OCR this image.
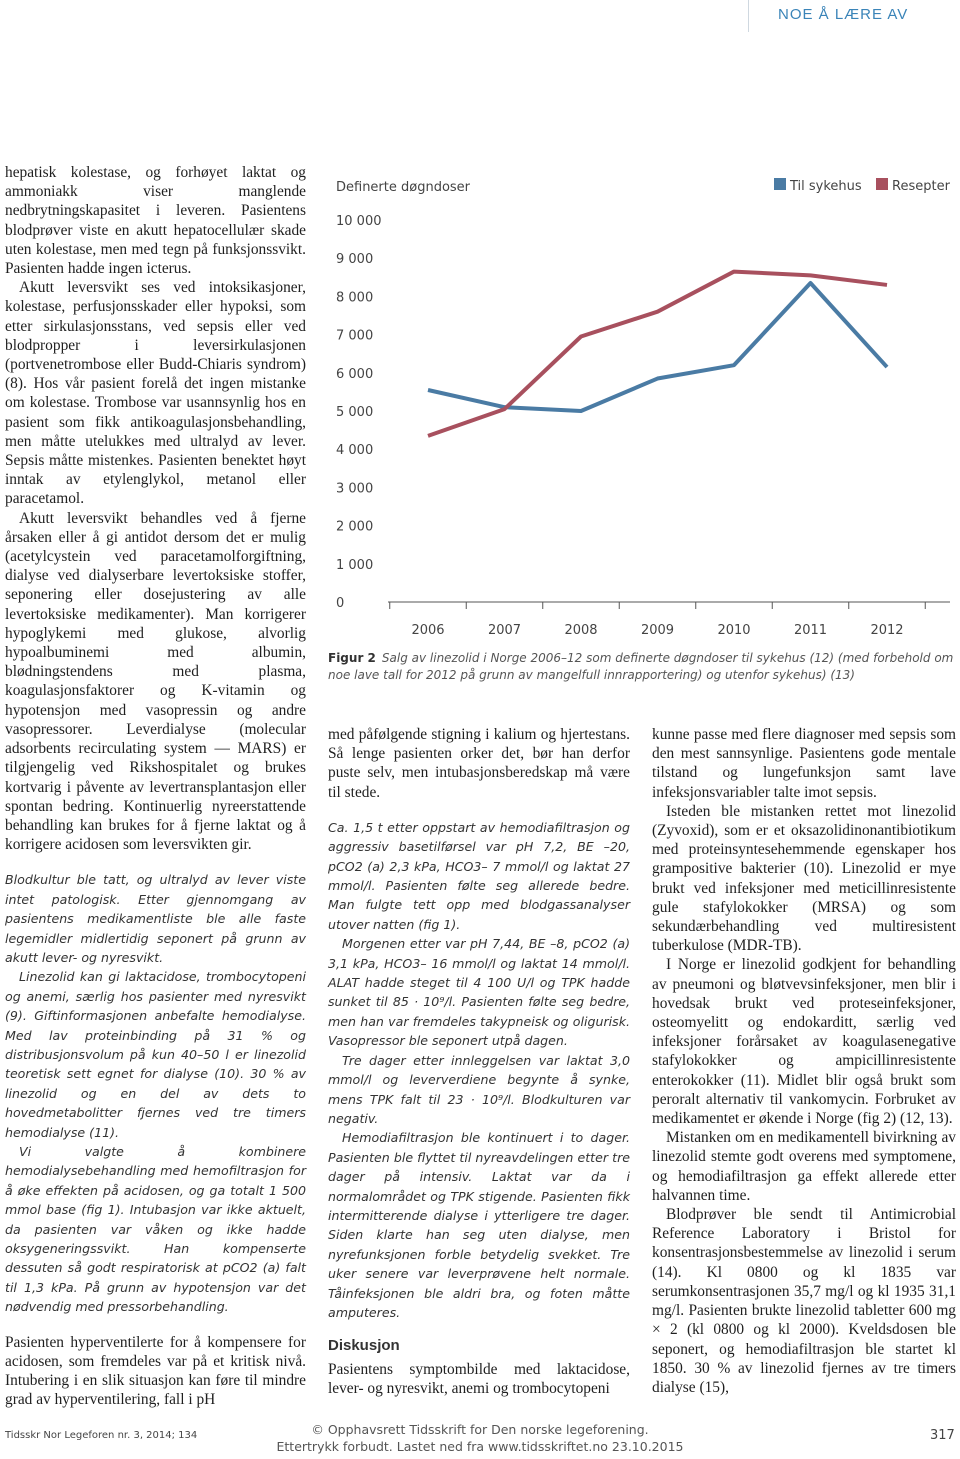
NOE Å LÆRE AV

hepatisk kolestase, og forhøyet laktat og ammoniakk viser manglende nedbrytningskapasitet i leveren. Pasientens blodprøver viste en akutt hepatocellulær skade uten kolestase, men med tegn på funksjonssvikt. Pasienten hadde ingen icterus.

Akutt leversvikt ses ved intoksikasjoner, kolestase, perfusjonsskader eller hypoksi, som etter sirkulasjonsstans, ved sepsis eller ved blodpropper i leversirkulasjonen (portvenetrombose eller Budd-Chiaris syndrom) (8). Hos vår pasient forelå det ingen mistanke om kolestase. Trombose var usannsynlig hos en pasient som fikk antikoagulasjonsbehandling, men måtte utelukkes med ultralyd av lever. Sepsis måtte mistenkes. Pasienten benektet høyt inntak av etylenglykol, metanol eller paracetamol.

Akutt leversvikt behandles ved å fjerne årsaken eller å gi antidot dersom det er mulig (acetylcystein ved paracetamolforgiftning, dialyse ved dialyserbare levertoksiske stoffer, seponering eller dosejustering av alle levertoksiske medikamenter). Man korrigerer hypoglykemi med glukose, alvorlig hypoalbuminemi med albumin, blødningstendens med plasma, koagulasjonsfaktorer og K-vitamin og hypotensjon med vasopressin og andre vasopressorer. Leverdialyse (molecular adsorbents recirculating system — MARS) er tilgjengelig ved Rikshospitalet og brukes kortvarig i påvente av levertransplantasjon eller spontan bedring. Kontinuerlig nyreerstattende behandling kan brukes for å fjerne laktat og å korrigere acidosen som leversvikten gir.

Blodkultur ble tatt, og ultralyd av lever viste intet patologisk. Etter gjennomgang av pasientens medikamentliste ble alle faste legemidler midlertidig seponert på grunn av akutt lever- og nyresvikt.

Linezolid kan gi laktacidose, trombocytopeni og anemi, særlig hos pasienter med nyresvikt (9). Giftinformasjonen anbefalte hemodialyse. Med lav proteinbinding på 31 % og distribusjonsvolum på kun 40–50 l er linezolid teoretisk sett egnet for dialyse (10). 30 % av linezolid og en del av dets to hovedmetabolitter fjernes ved tre timers hemodialyse (11).

Vi valgte å kombinere hemodialysebehandling med hemofiltrasjon for å øke effekten på acidosen, og ga totalt 1 500 mmol base (fig 1). Intubasjon var ikke aktuelt, da pasienten var våken og ikke hadde oksygeneringssvikt. Han kompenserte dessuten så godt respiratorisk at pCO2 (a) falt til 1,3 kPa. På grunn av hypotensjon var det nødvendig med pressorbehandling.

Pasienten hyperventilerte for å kompensere for acidosen, som fremdeles var på et kritisk nivå. Intubering i en slik situasjon kan føre til mindre grad av hyperventilering, fall i pH

Definerte døgndoser	Til sykehus Resepter
10 000
9 000
8 000
7 000
6 000
5 000
4 000
3 000
2 000
1 000
0
2006	2007	2008	2009	2010	2011	2012
Figur 2 Salg av linezolid i Norge 2006–12 som definerte døgndoser til sykehus (12) (med forbehold om noe lave tall for 2012 på grunn av mangelfull innrapportering) og utenfor sykehus) (13)

med påfølgende stigning i kalium og hjertestans. Så lenge pasienten orker det, bør han derfor puste selv, men intubasjonsberedskap må være til stede.

Ca. 1,5 t etter oppstart av hemodiafiltrasjon og aggressiv basetilførsel var pH 7,2, BE –20, pCO2 (a) 2,3 kPa, HCO3– 7 mmol/l og laktat 27 mmol/l. Pasienten følte seg allerede bedre. Man fulgte tett opp med blodgassanalyser utover natten (fig 1).

Morgenen etter var pH 7,44, BE –8, pCO2 (a) 3,1 kPa, HCO3– 16 mmol/l og laktat 14 mmol/l. ALAT hadde steget til 4 100 U/l og TPK hadde sunket til 85 · 10⁹/l. Pasienten følte seg bedre, men han var fremdeles takypneisk og oligurisk. Vasopressor ble seponert utpå dagen.

Tre dager etter innleggelsen var laktat 3,0 mmol/l og leververdiene begynte å synke, mens TPK falt til 23 · 10⁹/l. Blodkulturen var negativ.

Hemodiafiltrasjon ble kontinuert i to dager. Pasienten ble flyttet til nyreavdelingen etter tre dager på intensiv. Laktat var da i normalområdet og TPK stigende. Pasienten fikk intermitterende dialyse i ytterligere tre dager. Siden klarte han seg uten dialyse, men nyrefunksjonen forble betydelig svekket. Tre uker senere var leverprøvene helt normale. Tåinfeksjonen ble aldri bra, og foten måtte amputeres.

Diskusjon

Pasientens symptombilde med laktacidose, lever- og nyresvikt, anemi og trombocytopeni

kunne passe med flere diagnoser med sepsis som den mest sannsynlige. Pasientens gode mentale tilstand og lungefunksjon samt lave infeksjonsvariabler talte imot sepsis.

Isteden ble mistanken rettet mot linezolid (Zyvoxid), som er et oksazolidinonantibiotikum med proteinsyntesehemmende egenskaper hos grampositive bakterier (10). Linezolid er mye brukt ved infeksjoner med meticillinresistente gule stafylokokker (MRSA) og som sekundærbehandling ved multiresistent tuberkulose (MDR-TB).

I Norge er linezolid godkjent for behandling av pneumoni og bløtvevsinfeksjoner, men blir i hovedsak brukt ved proteseinfeksjoner, osteomyelitt og endokarditt, særlig ved infeksjoner forårsaket av koagulasenegative stafylokokker og ampicillinresistente enterokokker (11). Midlet blir også brukt som peroralt alternativ til vankomycin. Forbruket av medikamentet er økende i Norge (fig 2) (12, 13).

Mistanken om en medikamentell bivirkning av linezolid stemte godt overens med symptomene, og hemodiafiltrasjon ga effekt allerede etter halvannen time.

Blodprøver ble sendt til Antimicrobial Reference Laboratory i Bristol for konsentrasjonsbestemmelse av linezolid i serum (14). Kl 0800 og kl 1835 var serumkonsentrasjonen 35,7 mg/l og kl 1935 31,1 mg/l. Pasienten brukte linezolid tabletter 600 mg × 2 (kl 0800 og kl 2000). Kveldsdosen ble seponert, og hemodiafiltrasjon ble startet kl 1850. 30 % av linezolid fjernes av tre timers dialyse (15),

Tidsskr Nor Legeforen nr. 3, 2014; 134	© Opphavsrett Tidsskrift for Den norske legeforening.
Ettertrykk forbudt. Lastet ned fra www.tidsskriftet.no 23.10.2015
317
